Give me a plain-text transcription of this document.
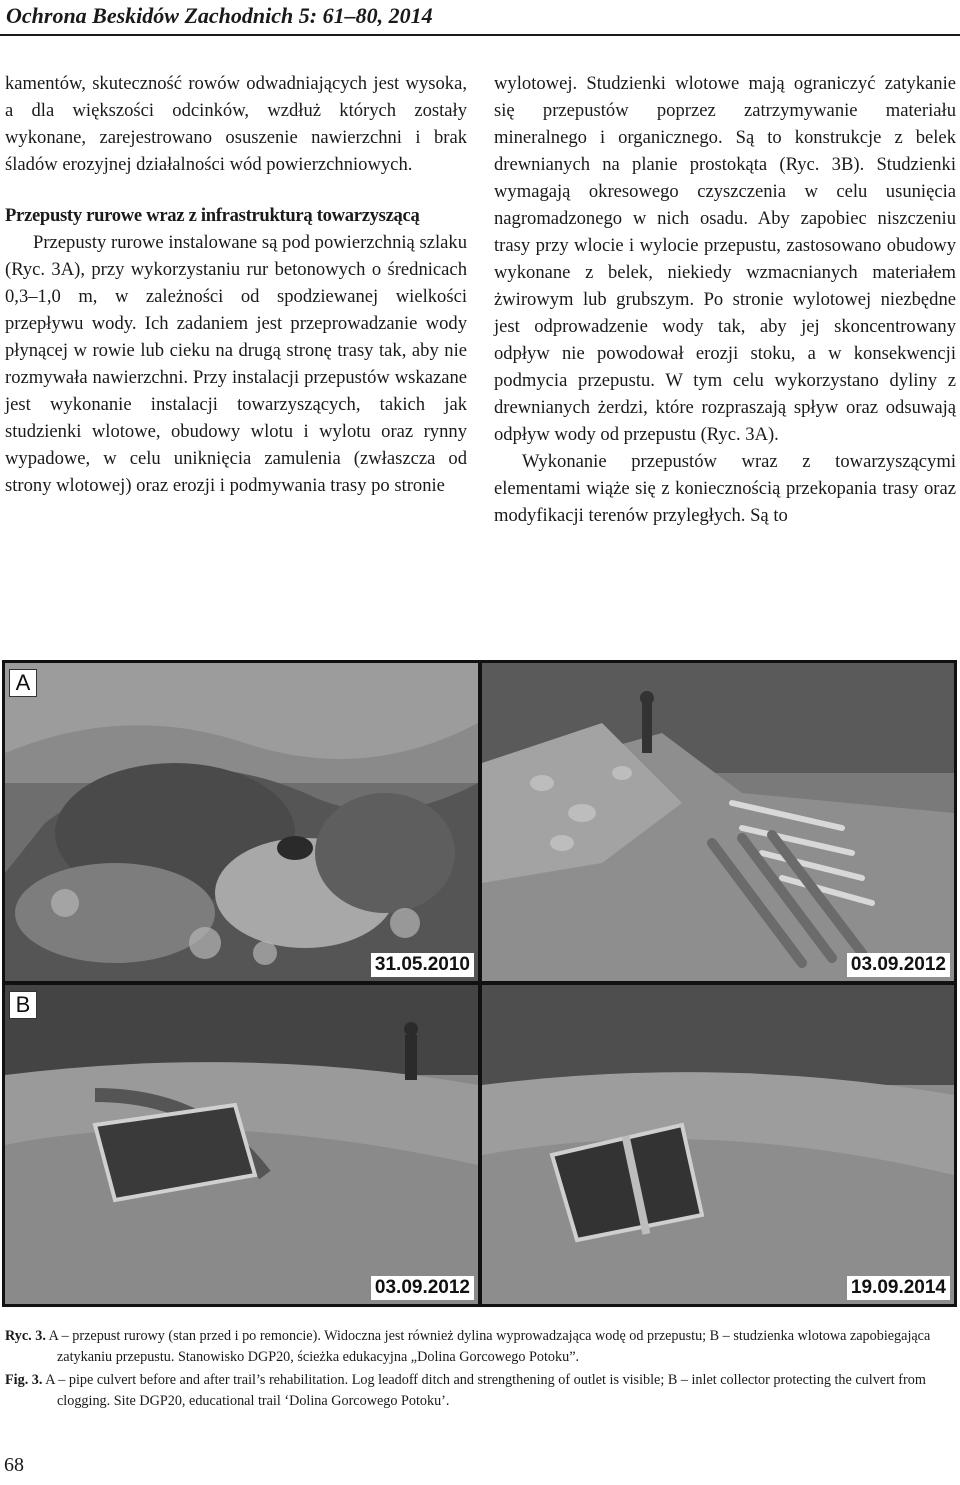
Ochrona Beskidów Zachodnich 5: 61–80, 2014

kamentów, skuteczność rowów odwadniających jest wysoka, a dla większości odcinków, wzdłuż których zostały wykonane, zarejestrowano osuszenie nawierzchni i brak śladów erozyjnej działalności wód powierzchniowych.

Przepusty rurowe wraz z infrastrukturą towarzyszącą

Przepusty rurowe instalowane są pod powierzchnią szlaku (Ryc. 3A), przy wykorzystaniu rur betonowych o średnicach 0,3–1,0 m, w zależności od spodziewanej wielkości przepływu wody. Ich zadaniem jest przeprowadzanie wody płynącej w rowie lub cieku na drugą stronę trasy tak, aby nie rozmywała nawierzchni. Przy instalacji przepustów wskazane jest wykonanie instalacji towarzyszących, takich jak studzienki wlotowe, obudowy wlotu i wylotu oraz rynny wypadowe, w celu uniknięcia zamulenia (zwłaszcza od strony wlotowej) oraz erozji i podmywania trasy po stronie

wylotowej. Studzienki wlotowe mają ograniczyć zatykanie się przepustów poprzez zatrzymywanie materiału mineralnego i organicznego. Są to konstrukcje z belek drewnianych na planie prostokąta (Ryc. 3B). Studzienki wymagają okresowego czyszczenia w celu usunięcia nagromadzonego w nich osadu. Aby zapobiec niszczeniu trasy przy wlocie i wylocie przepustu, zastosowano obudowy wykonane z belek, niekiedy wzmacnianych materiałem żwirowym lub grubszym. Po stronie wylotowej niezbędne jest odprowadzenie wody tak, aby jej skoncentrowany odpływ nie powodował erozji stoku, a w konsekwencji podmycia przepustu. W tym celu wykorzystano dyliny z drewnianych żerdzi, które rozpraszają spływ oraz odsuwają odpływ wody od przepustu (Ryc. 3A).

Wykonanie przepustów wraz z towarzyszącymi elementami wiąże się z koniecznością przekopania trasy oraz modyfikacji terenów przyległych. Są to

A
31.05.2010	03.09.2012
B
03.09.2012	19.09.2014
Ryc. 3. A – przepust rurowy (stan przed i po remoncie). Widoczna jest również dylina wyprowadzająca wodę od przepustu; B – studzienka wlotowa zapobiegająca zatykaniu przepustu. Stanowisko DGP20, ścieżka edukacyjna „Dolina Gorcowego Potoku”.
Fig. 3. A – pipe culvert before and after trail’s rehabilitation. Log leadoff ditch and strengthening of outlet is visible; B – inlet collector protecting the culvert from clogging. Site DGP20, educational trail ‘Dolina Gorcowego Potoku’.
68
